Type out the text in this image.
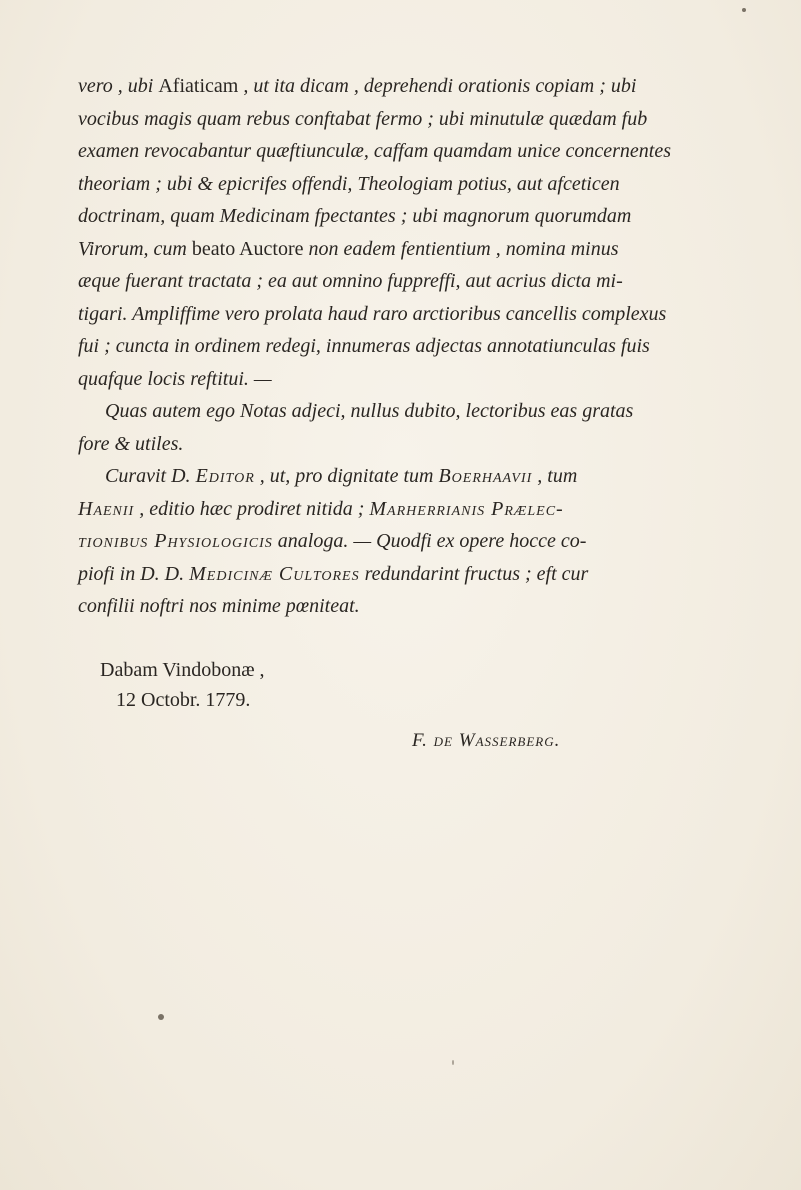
vero , ubi Afiaticam , ut ita dicam , deprehendi orationis copiam ; ubi
vocibus magis quam rebus conftabat fermo ; ubi minutulæ quædam fub
examen revocabantur quæftiunculæ, caffam quamdam unice concernentes
theoriam ; ubi & epicrifes offendi, Theologiam potius, aut afceticen
doctrinam, quam Medicinam fpectantes ; ubi magnorum quorumdam
Virorum, cum beato Auctore non eadem fentientium , nomina minus
æque fuerant tractata ; ea aut omnino fuppreffi, aut acrius dicta mi-
tigari. Ampliffime vero prolata haud raro arctioribus cancellis complexus
fui ; cuncta in ordinem redegi, innumeras adjectas annotatiunculas fuis
quafque locis reftitui. —

Quas autem ego Notas adjeci, nullus dubito, lectoribus eas gratas
fore & utiles.

Curavit D. Editor , ut, pro dignitate tum Boerhaavii , tum
Haenii , editio hæc prodiret nitida ; Marherrianis Prælec-
tionibus Physiologicis analoga. — Quodfi ex opere hocce co-
piofi in D. D. Medicinæ Cultores redundarint fructus ; eft cur
confilii noftri nos minime pœniteat.

Dabam Vindobonæ ,
12 Octobr. 1779.
F. de Wasserberg.
